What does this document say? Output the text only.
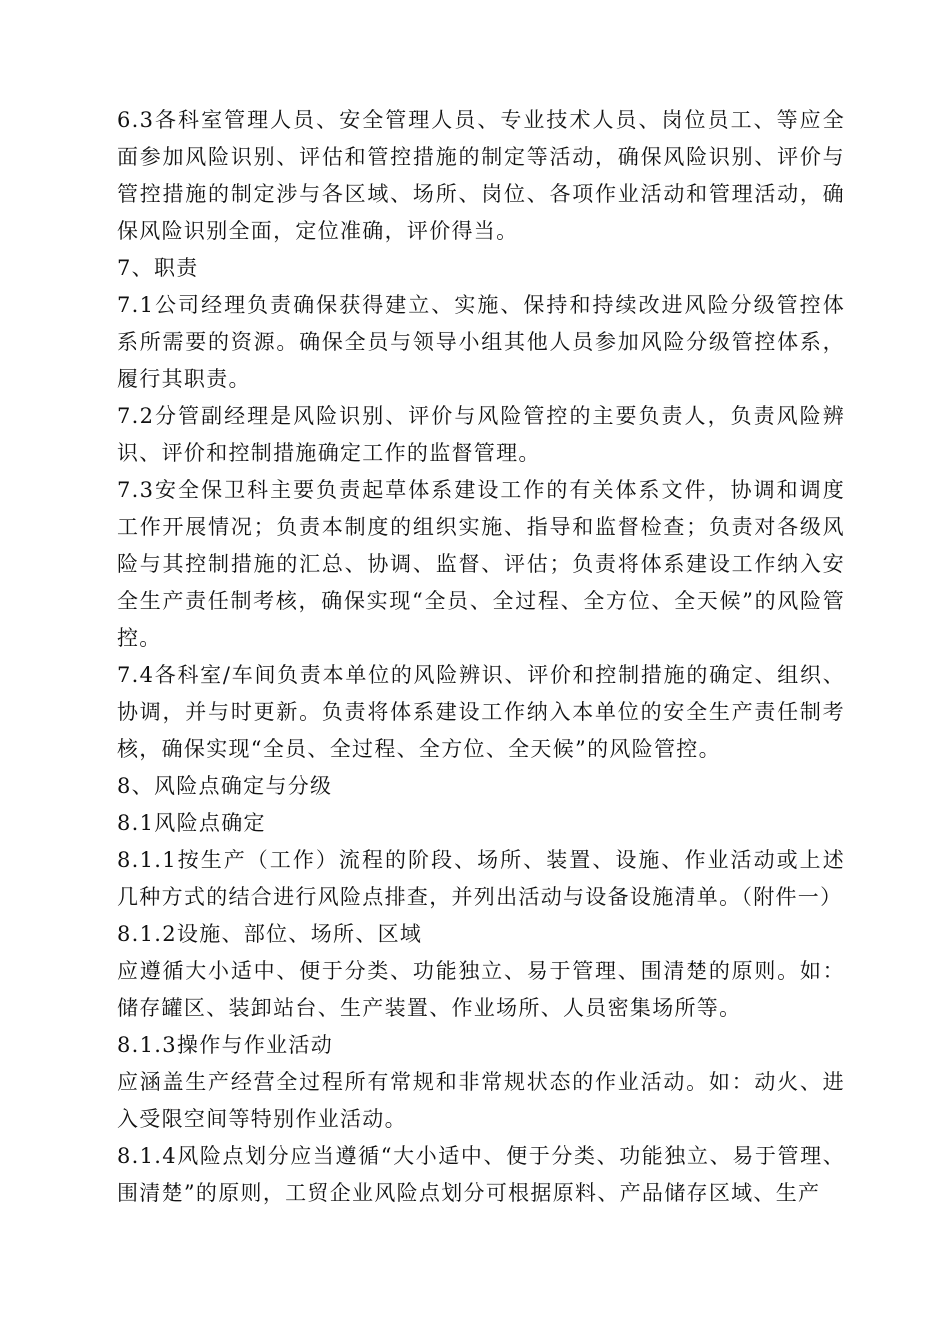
6.3各科室管理人员、安全管理人员、专业技术人员、岗位员工、等应全面参加风险识别、评估和管控措施的制定等活动，确保风险识别、评价与管控措施的制定涉与各区域、场所、岗位、各项作业活动和管理活动，确保风险识别全面，定位准确，评价得当。

7、职责

7.1公司经理负责确保获得建立、实施、保持和持续改进风险分级管控体系所需要的资源。确保全员与领导小组其他人员参加风险分级管控体系，履行其职责。

7.2分管副经理是风险识别、评价与风险管控的主要负责人，负责风险辨识、评价和控制措施确定工作的监督管理。

7.3安全保卫科主要负责起草体系建设工作的有关体系文件，协调和调度工作开展情况；负责本制度的组织实施、指导和监督检查；负责对各级风险与其控制措施的汇总、协调、监督、评估；负责将体系建设工作纳入安全生产责任制考核，确保实现“全员、全过程、全方位、全天候”的风险管控。

7.4各科室/车间负责本单位的风险辨识、评价和控制措施的确定、组织、协调，并与时更新。负责将体系建设工作纳入本单位的安全生产责任制考核，确保实现“全员、全过程、全方位、全天候”的风险管控。

8、风险点确定与分级

8.1风险点确定

8.1.1按生产（工作）流程的阶段、场所、装置、设施、作业活动或上述几种方式的结合进行风险点排查，并列出活动与设备设施清单。（附件一）

8.1.2设施、部位、场所、区域

应遵循大小适中、便于分类、功能独立、易于管理、围清楚的原则。如：储存罐区、装卸站台、生产装置、作业场所、人员密集场所等。

8.1.3操作与作业活动

应涵盖生产经营全过程所有常规和非常规状态的作业活动。如：动火、进入受限空间等特别作业活动。

8.1.4风险点划分应当遵循“大小适中、便于分类、功能独立、易于管理、围清楚”的原则，工贸企业风险点划分可根据原料、产品储存区域、生产
